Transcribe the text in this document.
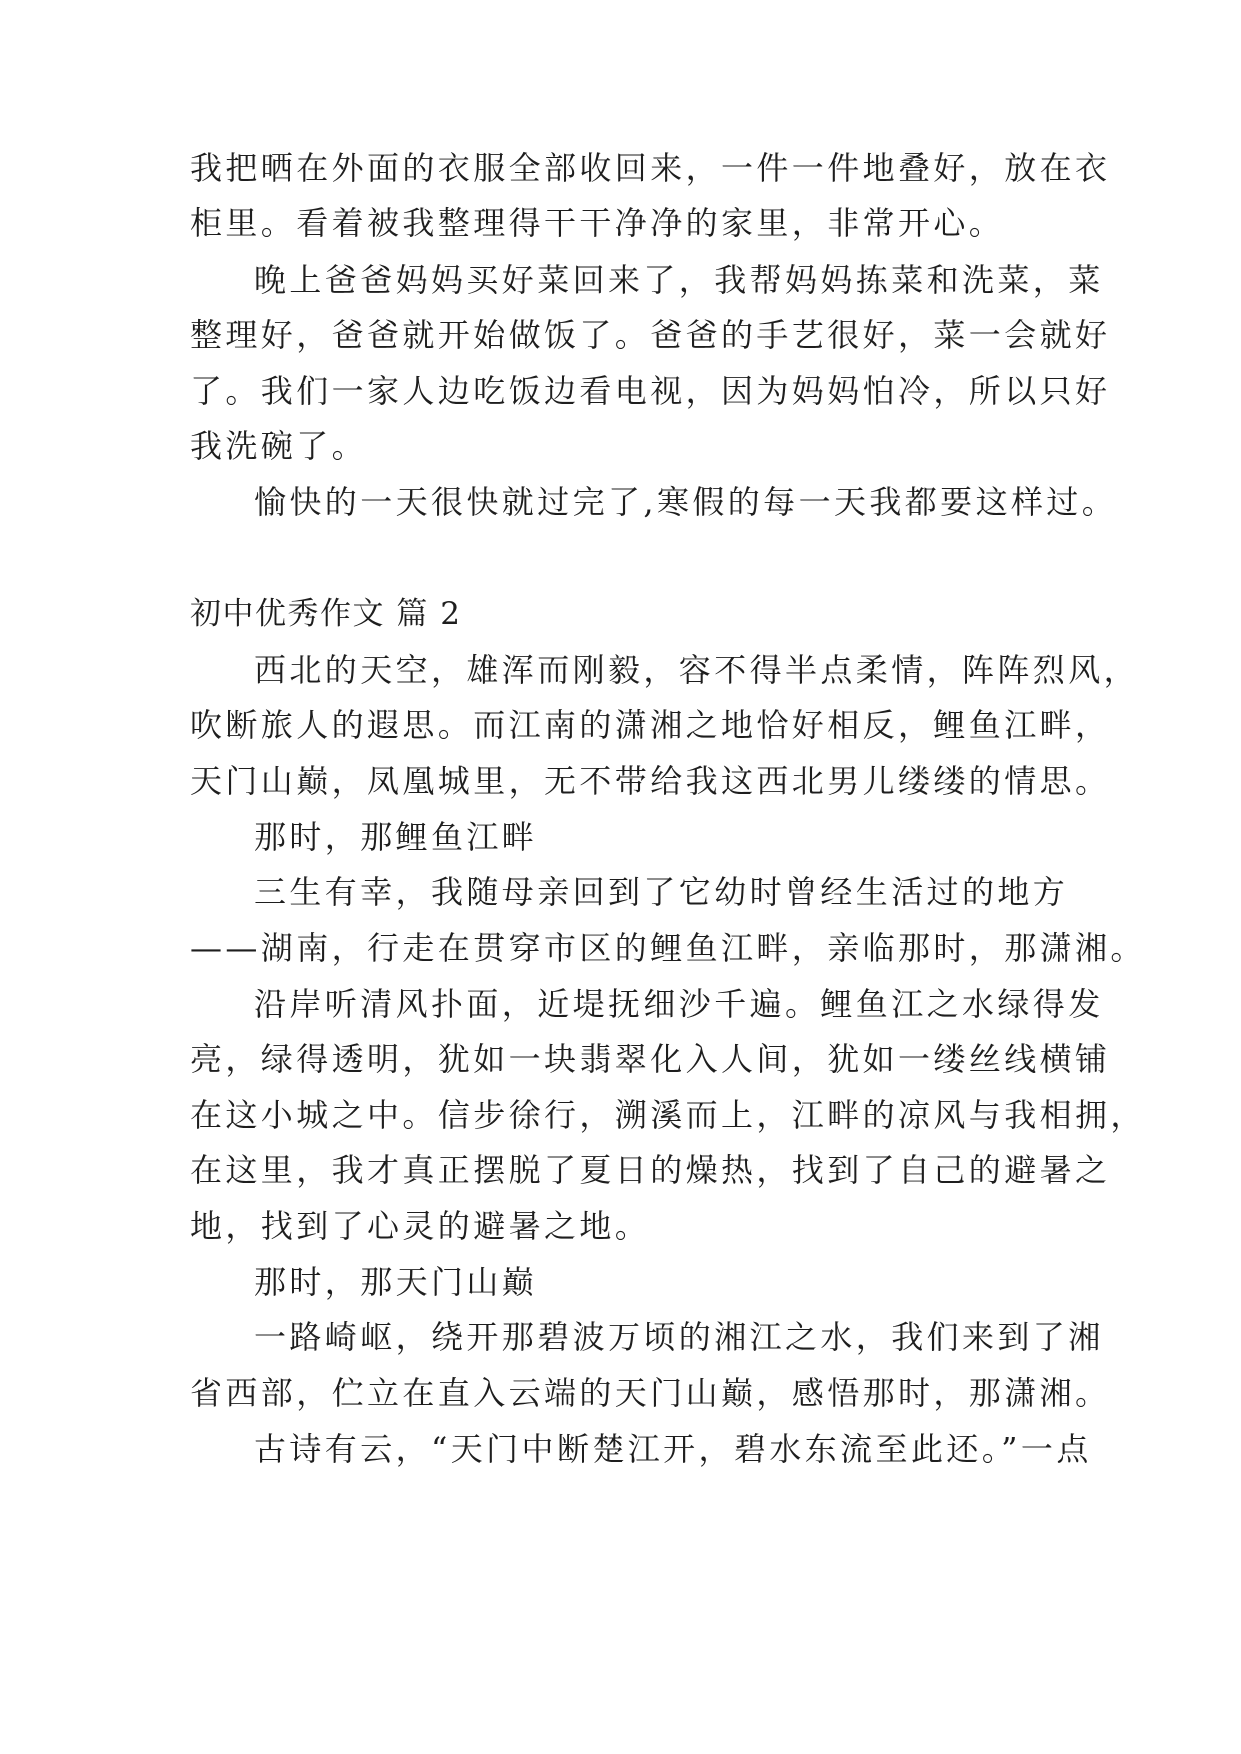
我把晒在外面的衣服全部收回来，一件一件地叠好，放在衣
柜里。看着被我整理得干干净净的家里，非常开心。
晚上爸爸妈妈买好菜回来了，我帮妈妈拣菜和洗菜，菜
整理好，爸爸就开始做饭了。爸爸的手艺很好，菜一会就好
了。我们一家人边吃饭边看电视，因为妈妈怕冷，所以只好
我洗碗了。
愉快的一天很快就过完了,寒假的每一天我都要这样过。
初中优秀作文 篇 2
西北的天空，雄浑而刚毅，容不得半点柔情，阵阵烈风，
吹断旅人的遐思。而江南的潇湘之地恰好相反，鲤鱼江畔，
天门山巅，凤凰城里，无不带给我这西北男儿缕缕的情思。
那时，那鲤鱼江畔
三生有幸，我随母亲回到了它幼时曾经生活过的地方
——湖南，行走在贯穿市区的鲤鱼江畔，亲临那时，那潇湘。
沿岸听清风扑面，近堤抚细沙千遍。鲤鱼江之水绿得发
亮，绿得透明，犹如一块翡翠化入人间，犹如一缕丝线横铺
在这小城之中。信步徐行，溯溪而上，江畔的凉风与我相拥，
在这里，我才真正摆脱了夏日的燥热，找到了自己的避暑之
地，找到了心灵的避暑之地。
那时，那天门山巅
一路崎岖，绕开那碧波万顷的湘江之水，我们来到了湘
省西部，伫立在直入云端的天门山巅，感悟那时，那潇湘。
古诗有云，“天门中断楚江开，碧水东流至此还。”一点
